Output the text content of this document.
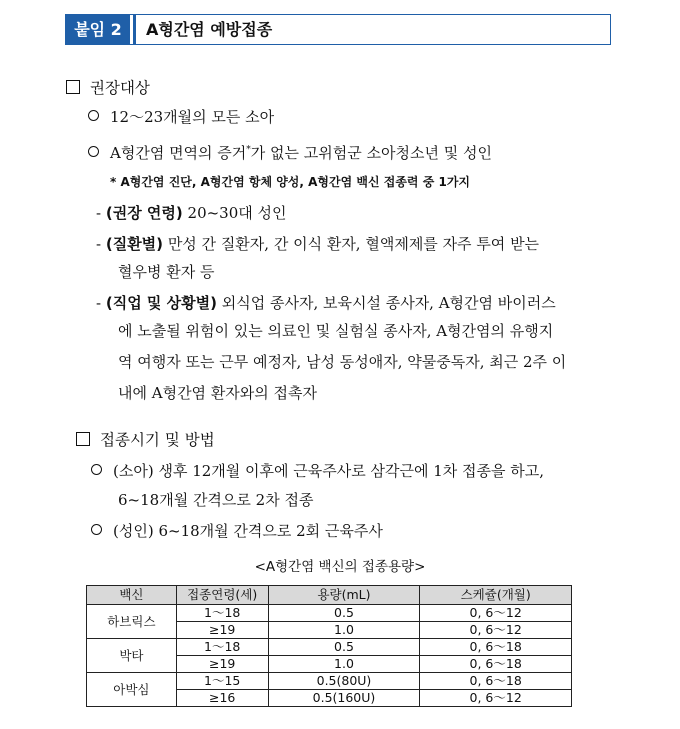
붙임 2	A형간염 예방접종
권장대상
12～23개월의 모든 소아
A형간염 면역의 증거*가 없는 고위험군 소아청소년 및 성인
* A형간염 진단, A형간염 항체 양성, A형간염 백신 접종력 중 1가지
- (권장 연령) 20~30대 성인
- (질환별) 만성 간 질환자, 간 이식 환자, 혈액제제를 자주 투여 받는
혈우병 환자 등
- (직업 및 상황별) 외식업 종사자, 보육시설 종사자, A형간염 바이러스
에 노출될 위험이 있는 의료인 및 실험실 종사자, A형간염의 유행지
역 여행자 또는 근무 예정자, 남성 동성애자, 약물중독자, 최근 2주 이
내에 A형간염 환자와의 접촉자
접종시기 및 방법
(소아) 생후 12개월 이후에 근육주사로 삼각근에 1차 접종을 하고,
6~18개월 간격으로 2차 접종
(성인) 6~18개월 간격으로 2회 근육주사
<A형간염 백신의 접종용량>
백신	접종연령(세)	용량(mL)	스케쥴(개월)
하브릭스	1～18	0.5	0, 6～12
	≥19	1.0	0, 6～12
박타	1～18	0.5	0, 6～18
	≥19	1.0	0, 6～18
아박심	1～15	0.5(80U)	0, 6～18
	≥16	0.5(160U)	0, 6～12
